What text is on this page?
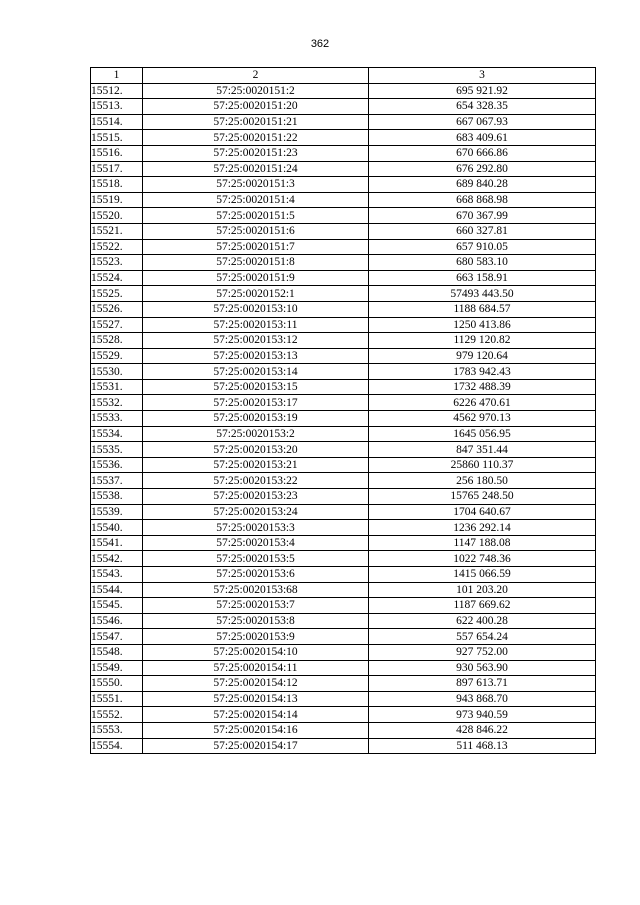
362
1	2	3
15512.	57:25:0020151:2	695 921.92
15513.	57:25:0020151:20	654 328.35
15514.	57:25:0020151:21	667 067.93
15515.	57:25:0020151:22	683 409.61
15516.	57:25:0020151:23	670 666.86
15517.	57:25:0020151:24	676 292.80
15518.	57:25:0020151:3	689 840.28
15519.	57:25:0020151:4	668 868.98
15520.	57:25:0020151:5	670 367.99
15521.	57:25:0020151:6	660 327.81
15522.	57:25:0020151:7	657 910.05
15523.	57:25:0020151:8	680 583.10
15524.	57:25:0020151:9	663 158.91
15525.	57:25:0020152:1	57493 443.50
15526.	57:25:0020153:10	1188 684.57
15527.	57:25:0020153:11	1250 413.86
15528.	57:25:0020153:12	1129 120.82
15529.	57:25:0020153:13	979 120.64
15530.	57:25:0020153:14	1783 942.43
15531.	57:25:0020153:15	1732 488.39
15532.	57:25:0020153:17	6226 470.61
15533.	57:25:0020153:19	4562 970.13
15534.	57:25:0020153:2	1645 056.95
15535.	57:25:0020153:20	847 351.44
15536.	57:25:0020153:21	25860 110.37
15537.	57:25:0020153:22	256 180.50
15538.	57:25:0020153:23	15765 248.50
15539.	57:25:0020153:24	1704 640.67
15540.	57:25:0020153:3	1236 292.14
15541.	57:25:0020153:4	1147 188.08
15542.	57:25:0020153:5	1022 748.36
15543.	57:25:0020153:6	1415 066.59
15544.	57:25:0020153:68	101 203.20
15545.	57:25:0020153:7	1187 669.62
15546.	57:25:0020153:8	622 400.28
15547.	57:25:0020153:9	557 654.24
15548.	57:25:0020154:10	927 752.00
15549.	57:25:0020154:11	930 563.90
15550.	57:25:0020154:12	897 613.71
15551.	57:25:0020154:13	943 868.70
15552.	57:25:0020154:14	973 940.59
15553.	57:25:0020154:16	428 846.22
15554.	57:25:0020154:17	511 468.13
